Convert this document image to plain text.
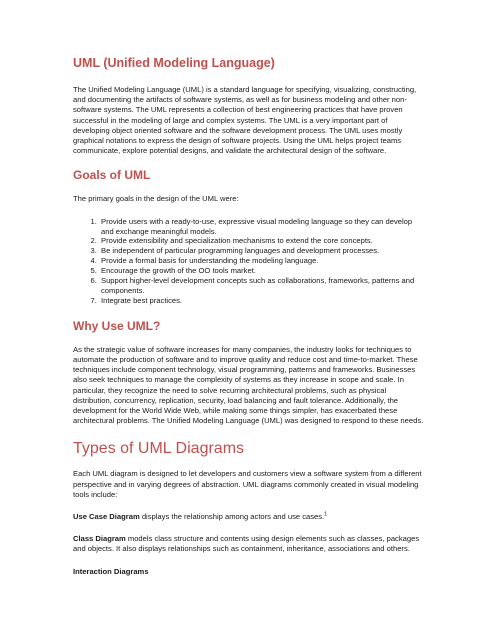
UML (Unified Modeling Language)

The Unified Modeling Language (UML) is a standard language for specifying, visualizing, constructing, and documenting the artifacts of software systems, as well as for business modeling and other non-software systems. The UML represents a collection of best engineering practices that have proven successful in the modeling of large and complex systems. The UML is a very important part of developing object oriented software and the software development process. The UML uses mostly graphical notations to express the design of software projects. Using the UML helps project teams communicate, explore potential designs, and validate the architectural design of the software.

Goals of UML

The primary goals in the design of the UML were:

1. Provide users with a ready-to-use, expressive visual modeling language so they can develop and exchange meaningful models.
2. Provide extensibility and specialization mechanisms to extend the core concepts.
3. Be independent of particular programming languages and development processes.
4. Provide a formal basis for understanding the modeling language.
5. Encourage the growth of the OO tools market.
6. Support higher-level development concepts such as collaborations, frameworks, patterns and components.
7. Integrate best practices.
Why Use UML?

As the strategic value of software increases for many companies, the industry looks for techniques to automate the production of software and to improve quality and reduce cost and time-to-market. These techniques include component technology, visual programming, patterns and frameworks. Businesses also seek techniques to manage the complexity of systems as they increase in scope and scale. In particular, they recognize the need to solve recurring architectural problems, such as physical distribution, concurrency, replication, security, load balancing and fault tolerance. Additionally, the development for the World Wide Web, while making some things simpler, has exacerbated these architectural problems. The Unified Modeling Language (UML) was designed to respond to these needs.

Types of UML Diagrams

Each UML diagram is designed to let developers and customers view a software system from a different perspective and in varying degrees of abstraction. UML diagrams commonly created in visual modeling tools include:

Use Case Diagram displays the relationship among actors and use cases.$^1$

Class Diagram models class structure and contents using design elements such as classes, packages and objects. It also displays relationships such as containment, inheritance, associations and others.

Interaction Diagrams
